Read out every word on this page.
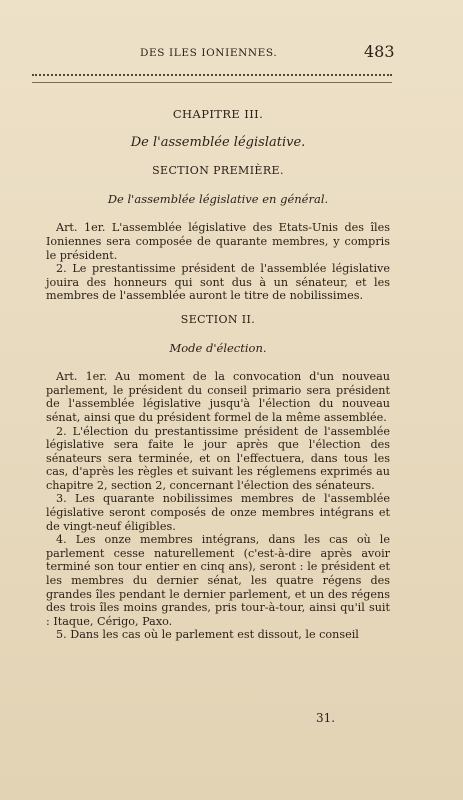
DES ILES IONIENNES.	483
CHAPITRE III.
De l'assemblée législative.
SECTION PREMIÈRE.
De l'assemblée législative en général.

Art. 1er. L'assemblée législative des Etats-Unis des îles Ioniennes sera composée de quarante membres, y compris le président.

2. Le prestantissime président de l'assemblée législative jouira des honneurs qui sont dus à un sénateur, et les membres de l'assemblée auront le titre de nobilissimes.

SECTION II.
Mode d'élection.

Art. 1er. Au moment de la convocation d'un nouveau parlement, le président du conseil primario sera président de l'assemblée législative jusqu'à l'élection du nouveau sénat, ainsi que du président formel de la même assemblée.

2. L'élection du prestantissime président de l'assemblée législative sera faite le jour après que l'élection des sénateurs sera terminée, et on l'effectuera, dans tous les cas, d'après les règles et suivant les réglemens exprimés au chapitre 2, section 2, concernant l'élection des sénateurs.

3. Les quarante nobilissimes membres de l'assemblée législative seront composés de onze membres intégrans et de vingt-neuf éligibles.

4. Les onze membres intégrans, dans les cas où le parlement cesse naturellement (c'est-à-dire après avoir terminé son tour entier en cinq ans), seront : le président et les membres du dernier sénat, les quatre régens des grandes îles pendant le dernier parlement, et un des régens des trois îles moins grandes, pris tour-à-tour, ainsi qu'il suit : Itaque, Cérigo, Paxo.

5. Dans les cas où le parlement est dissout, le conseil

31.
